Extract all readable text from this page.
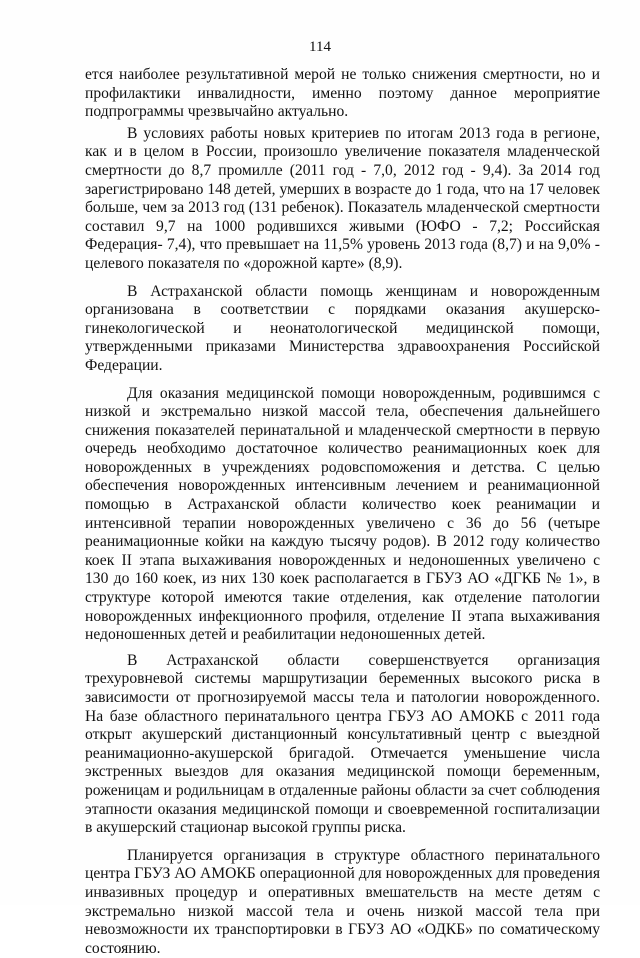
114

ется наиболее результативной мерой не только снижения смертности, но и профилактики инвалидности, именно поэтому данное мероприятие подпрограммы чрезвычайно актуально.

В условиях работы новых критериев по итогам 2013 года в регионе, как и в целом в России, произошло увеличение показателя младенческой смертности до 8,7 промилле (2011 год - 7,0, 2012 год - 9,4). За 2014 год зарегистрировано 148 детей, умерших в возрасте до 1 года, что на 17 человек больше, чем за 2013 год (131 ребенок). Показатель младенческой смертности составил 9,7 на 1000 родившихся живыми (ЮФО - 7,2; Российская Федерация- 7,4), что превышает на 11,5% уровень 2013 года (8,7) и на 9,0% - целевого показателя по «дорожной карте» (8,9).

В Астраханской области помощь женщинам и новорожденным организована в соответствии с порядками оказания акушерско-гинекологической и неонатологической медицинской помощи, утвержденными приказами Министерства здравоохранения Российской Федерации.

Для оказания медицинской помощи новорожденным, родившимся с низкой и экстремально низкой массой тела, обеспечения дальнейшего снижения показателей перинатальной и младенческой смертности в первую очередь необходимо достаточное количество реанимационных коек для новорожденных в учреждениях родовспоможения и детства. С целью обеспечения новорожденных интенсивным лечением и реанимационной помощью в Астраханской области количество коек реанимации и интенсивной терапии новорожденных увеличено с 36 до 56 (четыре реанимационные койки на каждую тысячу родов). В 2012 году количество коек II этапа выхаживания новорожденных и недоношенных увеличено с 130 до 160 коек, из них 130 коек располагается в ГБУЗ АО «ДГКБ № 1», в структуре которой имеются такие отделения, как отделение патологии новорожденных инфекционного профиля, отделение II этапа выхаживания недоношенных детей и реабилитации недоношенных детей.

В Астраханской области совершенствуется организация трехуровневой системы маршрутизации беременных высокого риска в зависимости от прогнозируемой массы тела и патологии новорожденного. На базе областного перинатального центра ГБУЗ АО АМОКБ с 2011 года открыт акушерский дистанционный консультативный центр с выездной реанимационно-акушерской бригадой. Отмечается уменьшение числа экстренных выездов для оказания медицинской помощи беременным, роженицам и родильницам в отдаленные районы области за счет соблюдения этапности оказания медицинской помощи и своевременной госпитализации в акушерский стационар высокой группы риска.

Планируется организация в структуре областного перинатального центра ГБУЗ АО АМОКБ операционной для новорожденных для проведения инвазивных процедур и оперативных вмешательств на месте детям с экстремально низкой массой тела и очень низкой массой тела при невозможности их транспортировки в ГБУЗ АО «ОДКБ» по соматическому состоянию.
